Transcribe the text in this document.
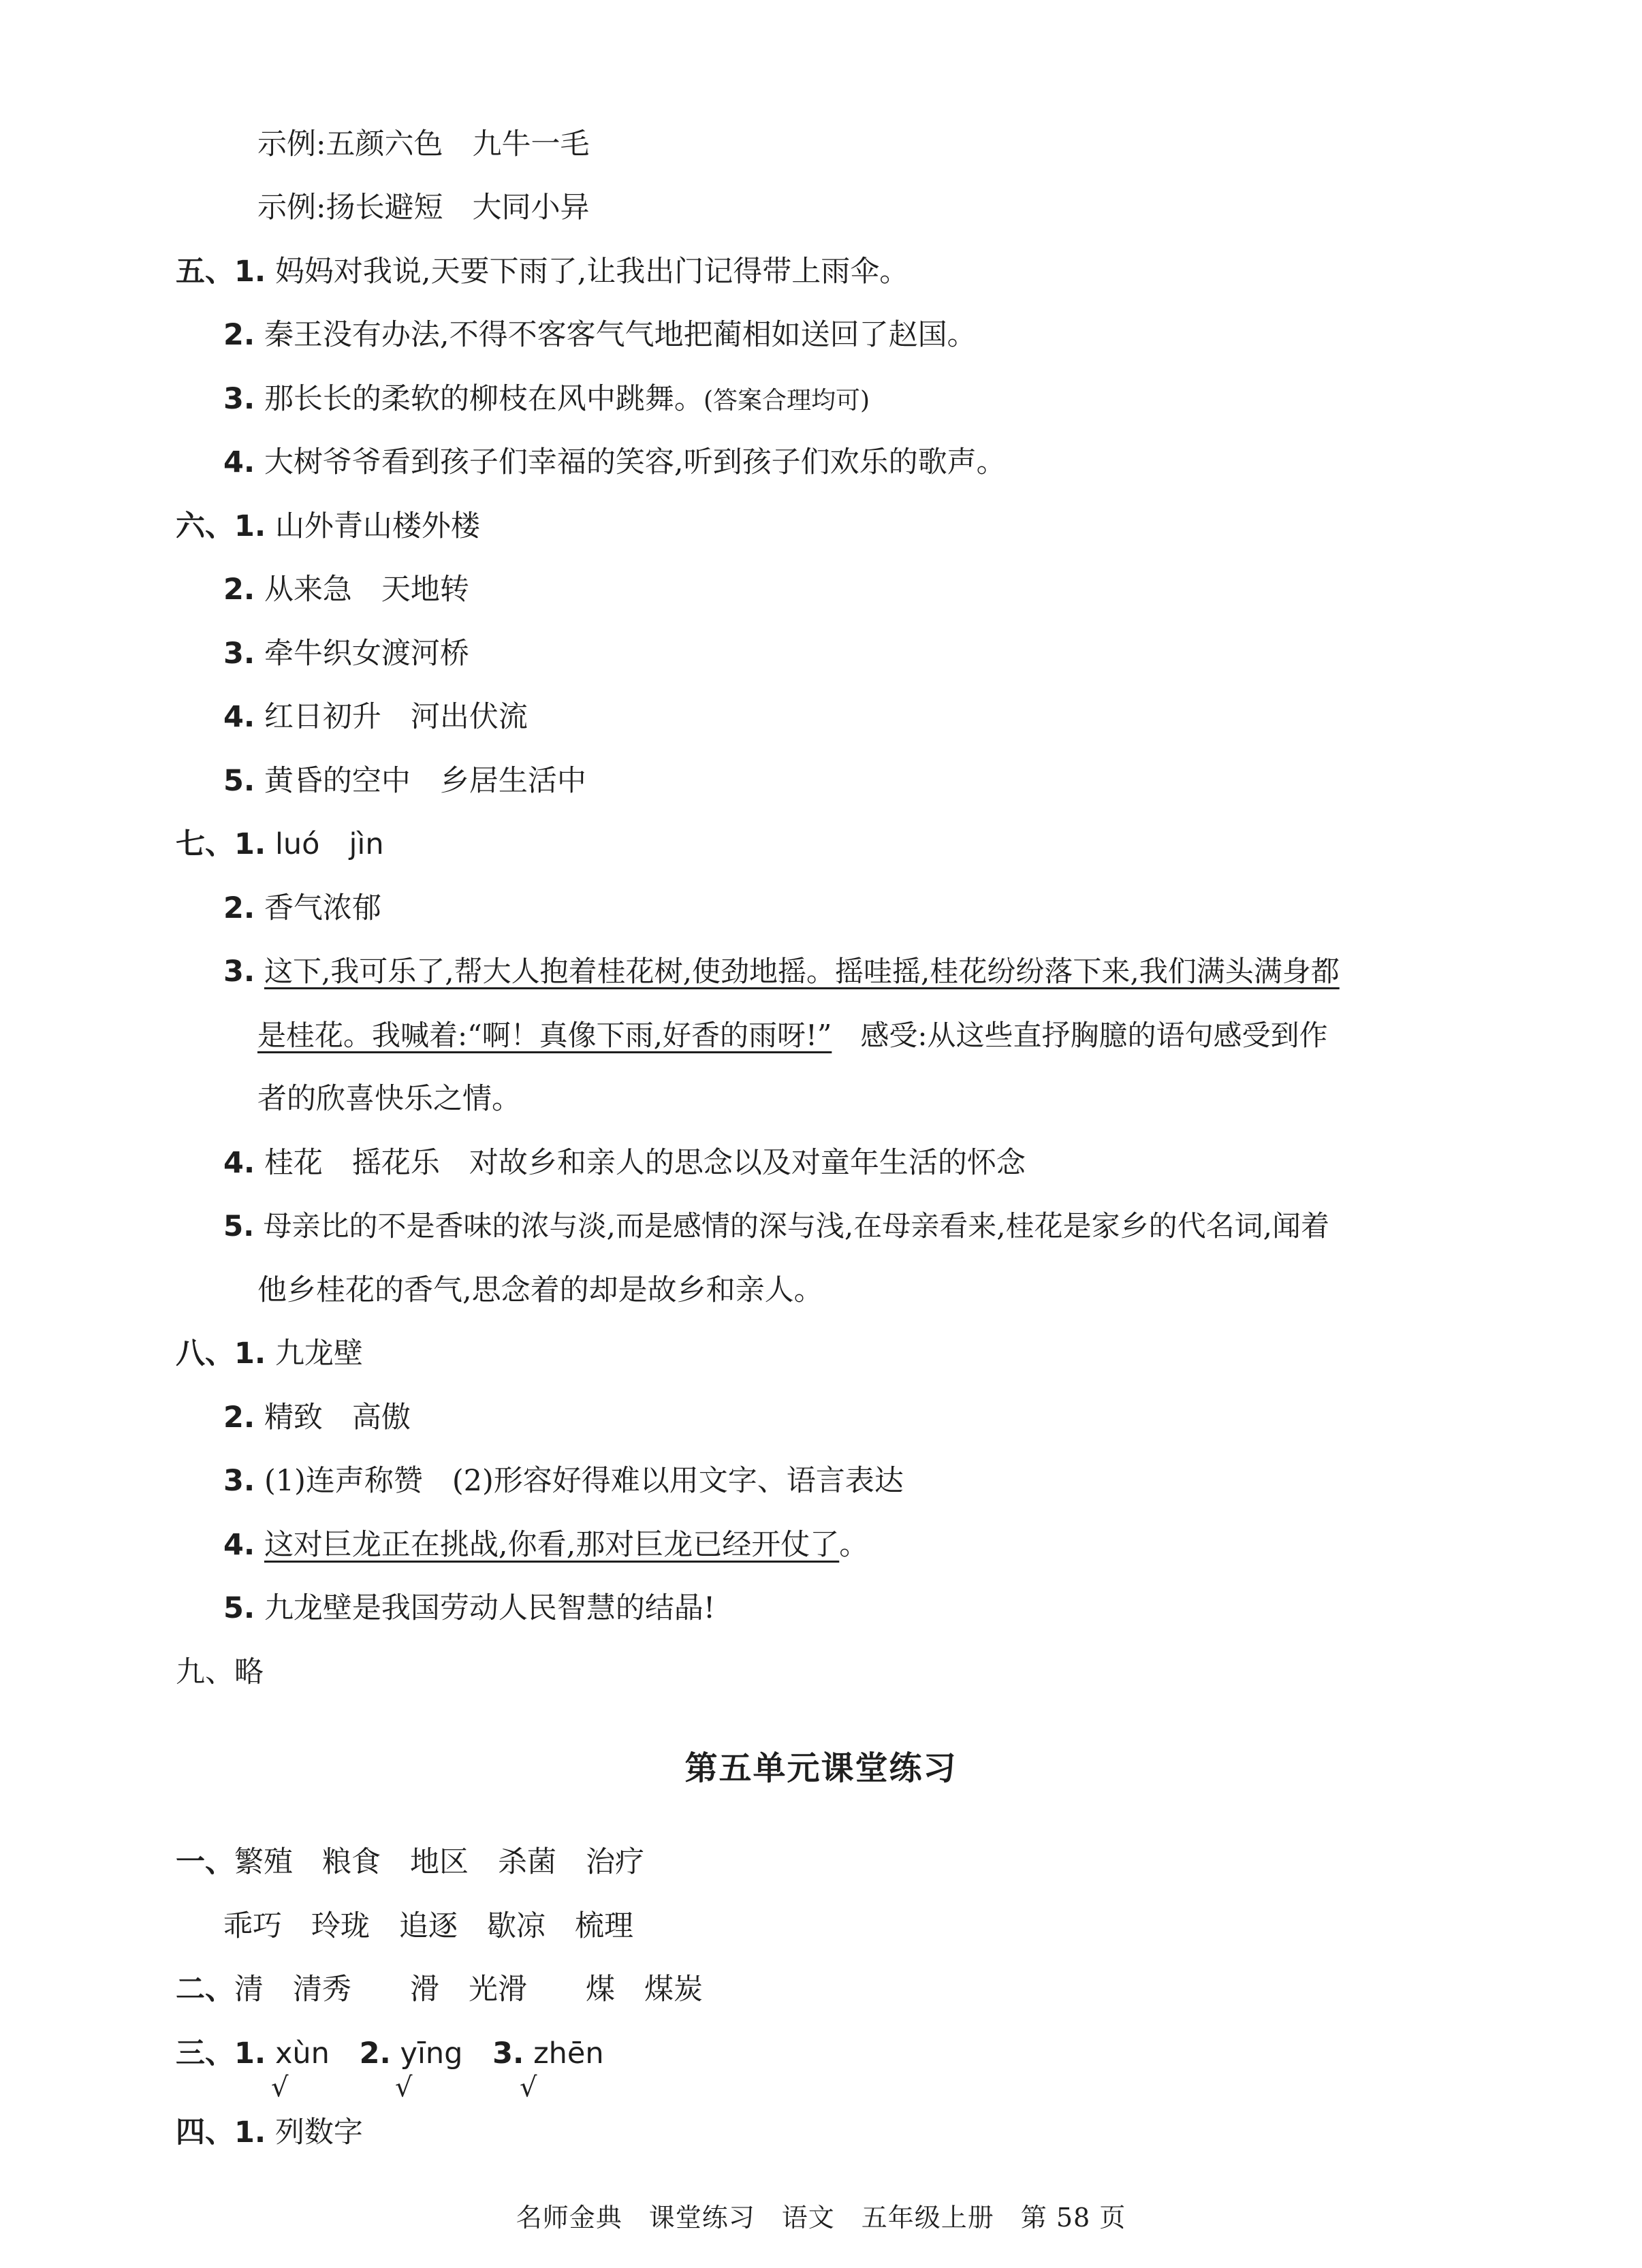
示例:五颜六色　九牛一毛
示例:扬长避短　大同小异
五、1. 妈妈对我说,天要下雨了,让我出门记得带上雨伞。
2. 秦王没有办法,不得不客客气气地把蔺相如送回了赵国。
3. 那长长的柔软的柳枝在风中跳舞。(答案合理均可)
4. 大树爷爷看到孩子们幸福的笑容,听到孩子们欢乐的歌声。
六、1. 山外青山楼外楼
2. 从来急　天地转
3. 牵牛织女渡河桥
4. 红日初升　河出伏流
5. 黄昏的空中　乡居生活中
七、1. luó　jìn
2. 香气浓郁
3. 这下,我可乐了,帮大人抱着桂花树,使劲地摇。摇哇摇,桂花纷纷落下来,我们满头满身都
是桂花。我喊着:“啊！真像下雨,好香的雨呀!”　感受:从这些直抒胸臆的语句感受到作
者的欣喜快乐之情。
4. 桂花　摇花乐　对故乡和亲人的思念以及对童年生活的怀念
5. 母亲比的不是香味的浓与淡,而是感情的深与浅,在母亲看来,桂花是家乡的代名词,闻着
他乡桂花的香气,思念着的却是故乡和亲人。
八、1. 九龙壁
2. 精致　高傲
3. (1)连声称赞　(2)形容好得难以用文字、语言表达
4. 这对巨龙正在挑战,你看,那对巨龙已经开仗了。
5. 九龙壁是我国劳动人民智慧的结晶!
九、略
第五单元课堂练习
一、繁殖　粮食　地区　杀菌　治疗
乖巧　玲珑　追逐　歇凉　梳理
二、清　清秀　　滑　光滑　　煤　煤炭
三、1. xùn 2. yīng 3. zhēn
√	√	√
四、1. 列数字
名师金典　课堂练习　语文　五年级上册　第 58 页
